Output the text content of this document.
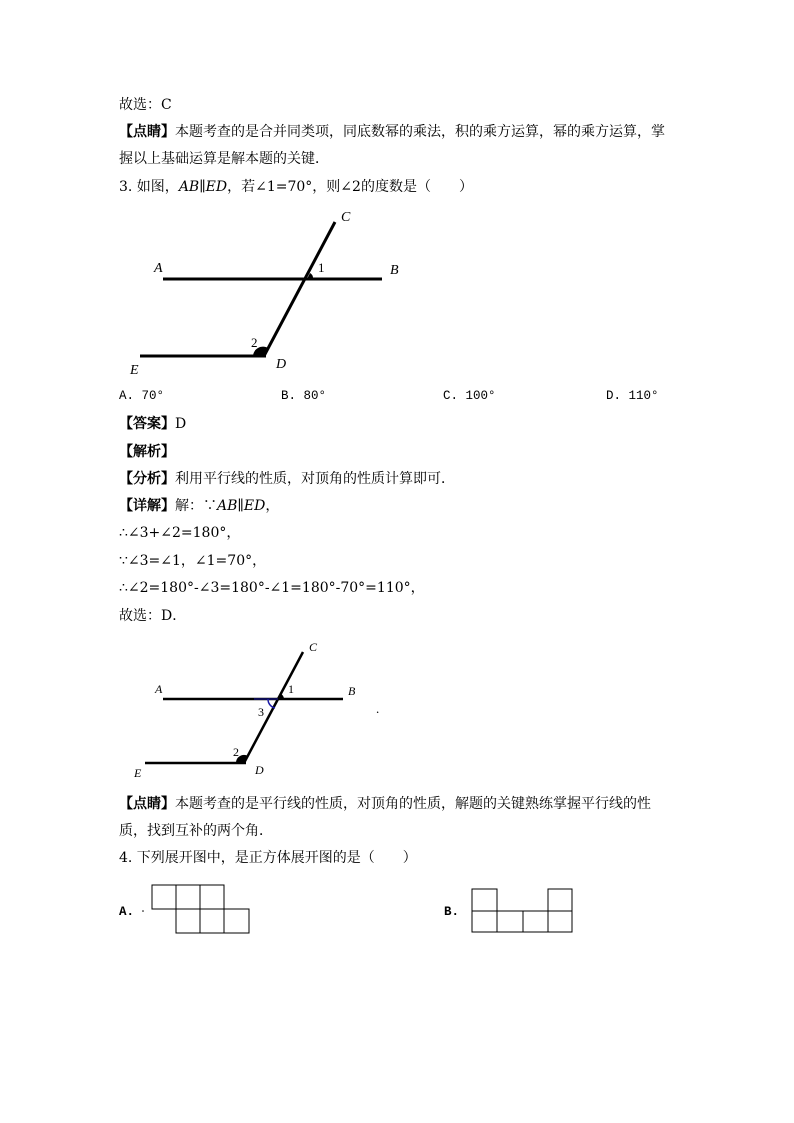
故选：C
【点睛】本题考查的是合并同类项，同底数幂的乘法，积的乘方运算，幂的乘方运算，掌
握以上基础运算是解本题的关键．
3. 如图，AB∥ED，若∠1=70°，则∠2的度数是（　　）
A	B
C
D
E
1
2
A. 70°	B. 80°	C. 100°	D. 110°
【答案】D
【解析】
【分析】利用平行线的性质，对顶角的性质计算即可．
【详解】解：∵AB∥ED，
∴∠3+∠2=180°，
∵∠3=∠1，∠1=70°，
∴∠2=180°-∠3=180°-∠1=180°-70°=110°，
故选：D．
A	B
C
D
E
1
2
3	.
【点睛】本题考查的是平行线的性质，对顶角的性质，解题的关键熟练掌握平行线的性
质，找到互补的两个角．
4. 下列展开图中，是正方体展开图的是（　　）
A.	B.
